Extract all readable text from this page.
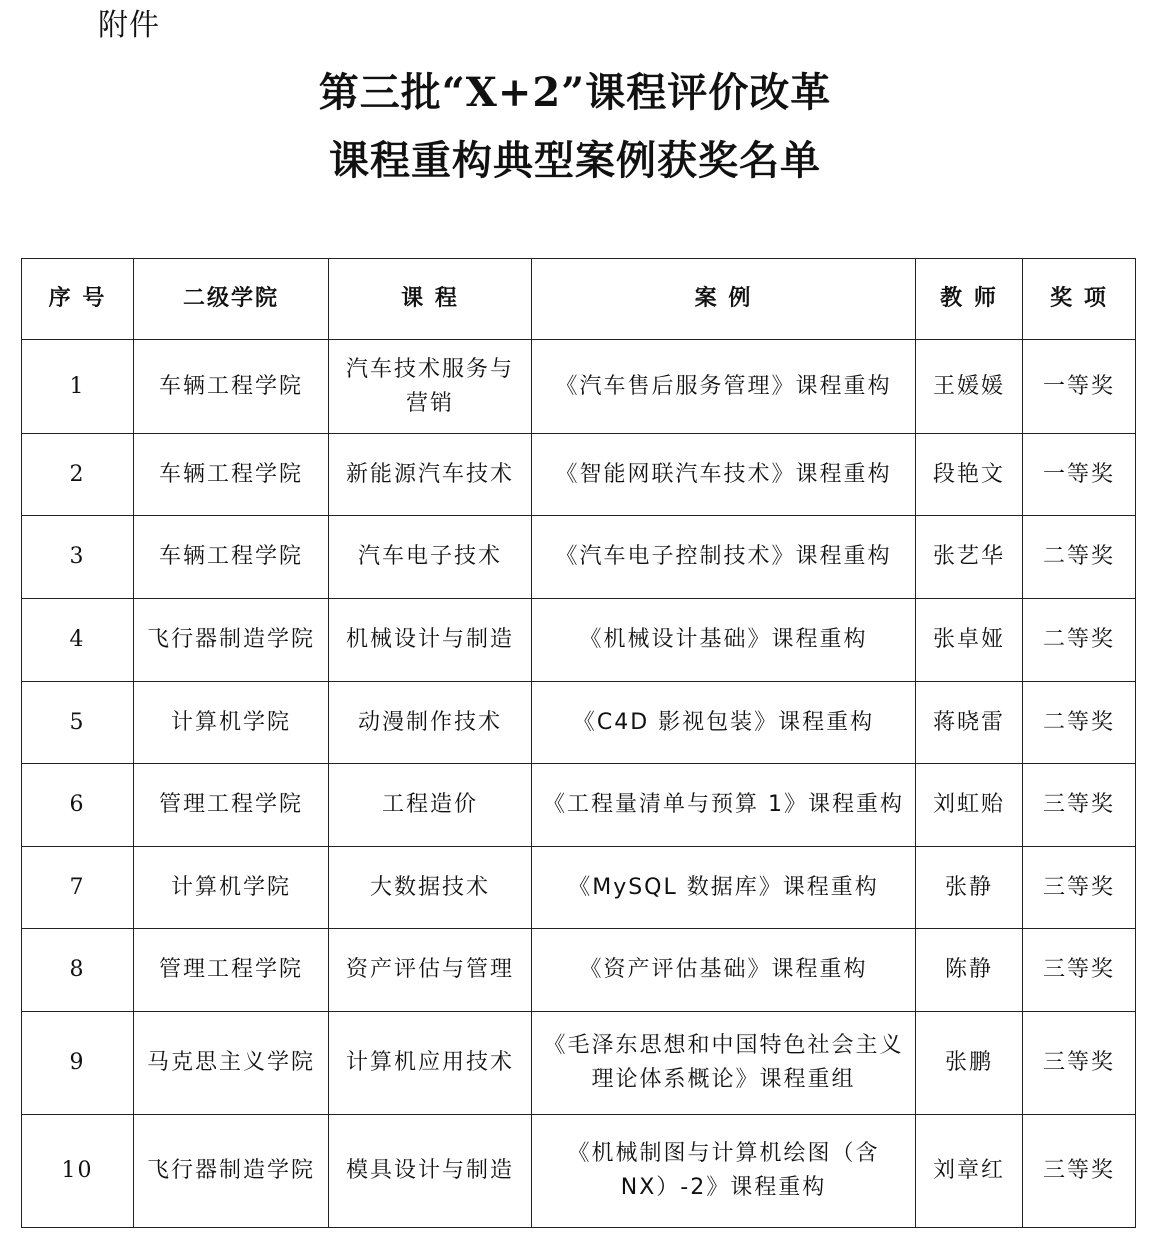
附件
第三批“X+2”课程评价改革
课程重构典型案例获奖名单
序 号	二级学院	课 程	案 例	教 师	奖 项
1	车辆工程学院	汽车技术服务与营销	《汽车售后服务管理》课程重构	王媛媛	一等奖
2	车辆工程学院	新能源汽车技术	《智能网联汽车技术》课程重构	段艳文	一等奖
3	车辆工程学院	汽车电子技术	《汽车电子控制技术》课程重构	张艺华	二等奖
4	飞行器制造学院	机械设计与制造	《机械设计基础》课程重构	张卓娅	二等奖
5	计算机学院	动漫制作技术	《C4D 影视包装》课程重构	蒋晓雷	二等奖
6	管理工程学院	工程造价	《工程量清单与预算 1》课程重构	刘虹贻	三等奖
7	计算机学院	大数据技术	《MySQL 数据库》课程重构	张静	三等奖
8	管理工程学院	资产评估与管理	《资产评估基础》课程重构	陈静	三等奖
9	马克思主义学院	计算机应用技术	《毛泽东思想和中国特色社会主义理论体系概论》课程重组	张鹏	三等奖
10	飞行器制造学院	模具设计与制造	《机械制图与计算机绘图（含 NX）-2》课程重构	刘章红	三等奖
